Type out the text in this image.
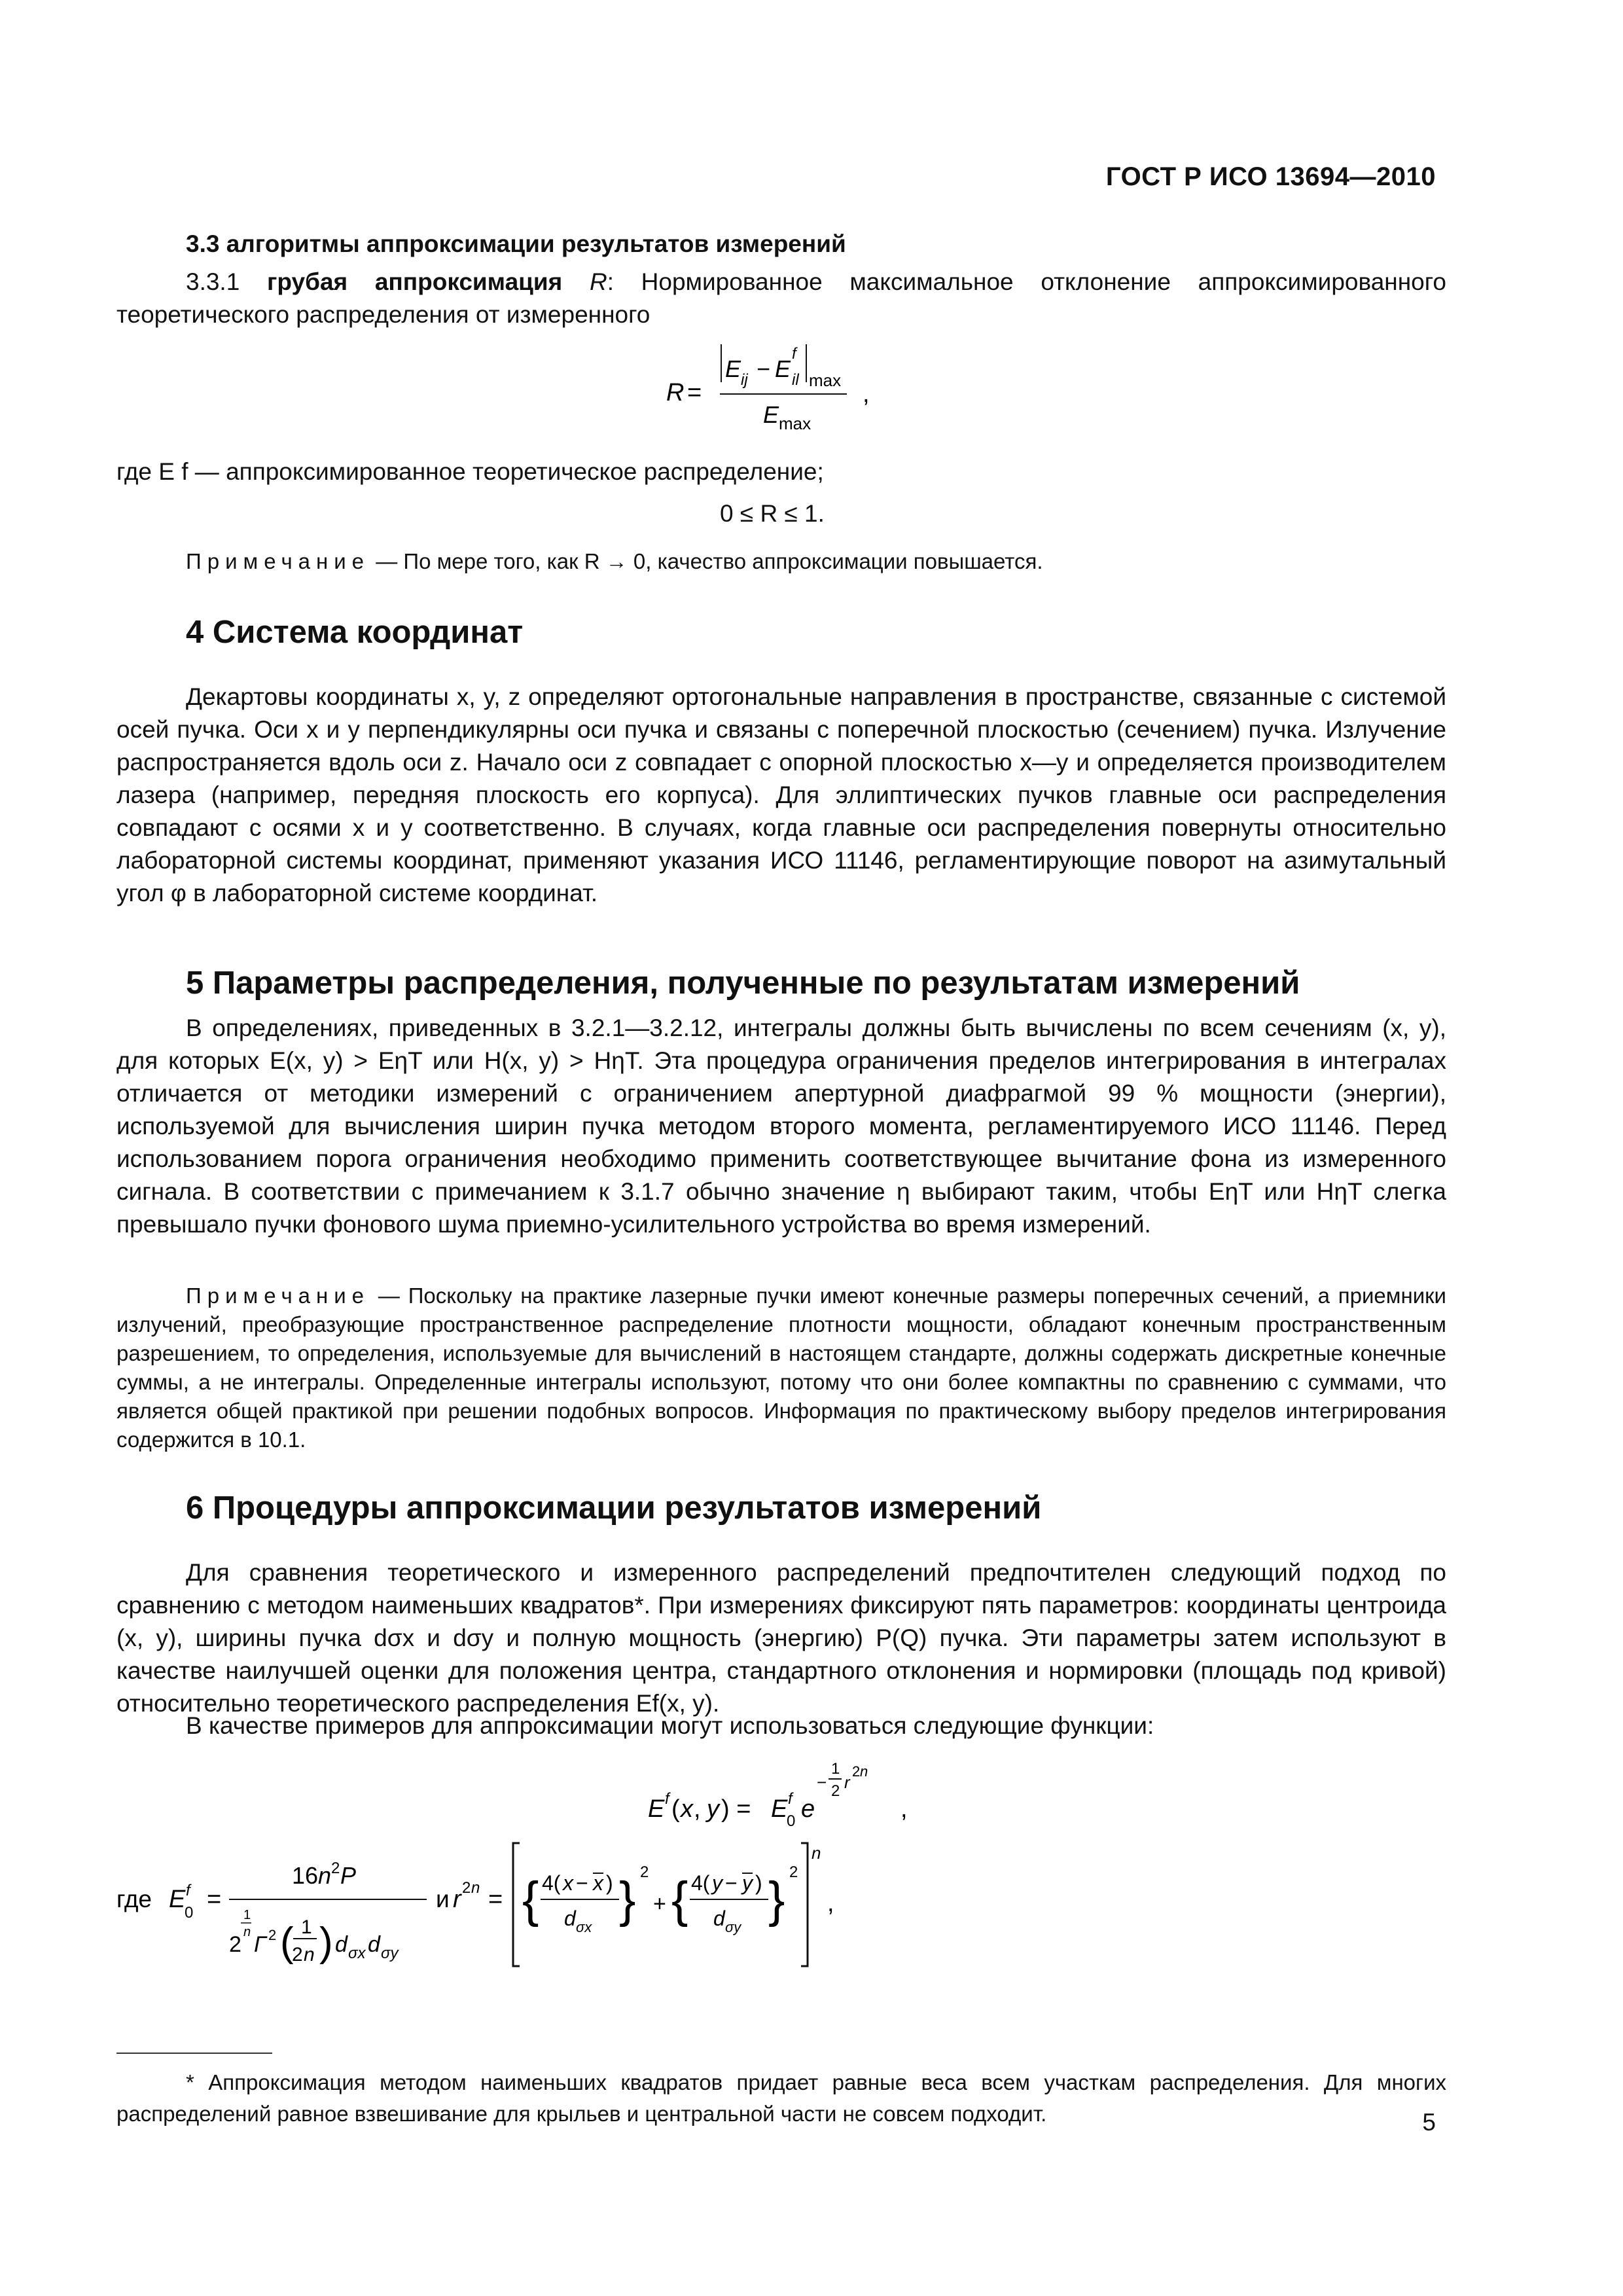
ГОСТ Р ИСО 13694—2010
3.3 алгоритмы аппроксимации результатов измерений
3.3.1 грубая аппроксимация R: Нормированное максимальное отклонение аппроксимированного теоретического распределения от измеренного
R =
E ij − E
f
il max
E max
,
где E f — аппроксимированное теоретическое распределение;
0 ≤ R ≤ 1.
Примечание — По мере того, как R → 0, качество аппроксимации повышается.
4 Система координат
Декартовы координаты x, y, z определяют ортогональные направления в пространстве, связанные с системой осей пучка. Оси x и y перпендикулярны оси пучка и связаны с поперечной плоскостью (сечением) пучка. Излучение распространяется вдоль оси z. Начало оси z совпадает с опорной плоскостью x—y и определяется производителем лазера (например, передняя плоскость его корпуса). Для эллиптических пучков главные оси распределения совпадают с осями x и y соответственно. В случаях, когда главные оси распределения повернуты относительно лабораторной системы координат, применяют указания ИСО 11146, регламентирующие поворот на азимутальный угол φ в лабораторной системе координат.
5 Параметры распределения, полученные по результатам измерений
В определениях, приведенных в 3.2.1—3.2.12, интегралы должны быть вычислены по всем сечениям (x, y), для которых E(x, y) > EηT или H(x, y) > HηT. Эта процедура ограничения пределов интегрирования в интегралах отличается от методики измерений с ограничением апертурной диафрагмой 99 % мощности (энергии), используемой для вычисления ширин пучка методом второго момента, регламентируемого ИСО 11146. Перед использованием порога ограничения необходимо применить соответствующее вычитание фона из измеренного сигнала. В соответствии с примечанием к 3.1.7 обычно значение η выбирают таким, чтобы EηT или HηT слегка превышало пучки фонового шума приемно-усилительного устройства во время измерений.
Примечание — Поскольку на практике лазерные пучки имеют конечные размеры поперечных сечений, а приемники излучений, преобразующие пространственное распределение плотности мощности, обладают конечным пространственным разрешением, то определения, используемые для вычислений в настоящем стандарте, должны содержать дискретные конечные суммы, а не интегралы. Определенные интегралы используют, потому что они более компактны по сравнению с суммами, что является общей практикой при решении подобных вопросов. Информация по практическому выбору пределов интегрирования содержится в 10.1.
6 Процедуры аппроксимации результатов измерений
Для сравнения теоретического и измеренного распределений предпочтителен следующий подход по сравнению с методом наименьших квадратов*. При измерениях фиксируют пять параметров: координаты центроида (x, y), ширины пучка dσx и dσy и полную мощность (энергию) P(Q) пучка. Эти параметры затем используют в качестве наилучшей оценки для положения центра, стандартного отклонения и нормировки (площадь под кривой) относительно теоретического распределения Ef(x, y).
В качестве примеров для аппроксимации могут использоваться следующие функции:
E f ( x , y ) = E f
0 e
−
1
2 r
2 n
,
где E f
0 =
16 n 2 P
1
n
2 Γ 2 ( 1
2 n ) d σx d σy
и r 2 n = { 4( x − x )
d σx } 2
+ { 4( y − y )
d σy } 2
n
,
* Аппроксимация методом наименьших квадратов придает равные веса всем участкам распределения. Для многих распределений равное взвешивание для крыльев и центральной части не совсем подходит.	5
